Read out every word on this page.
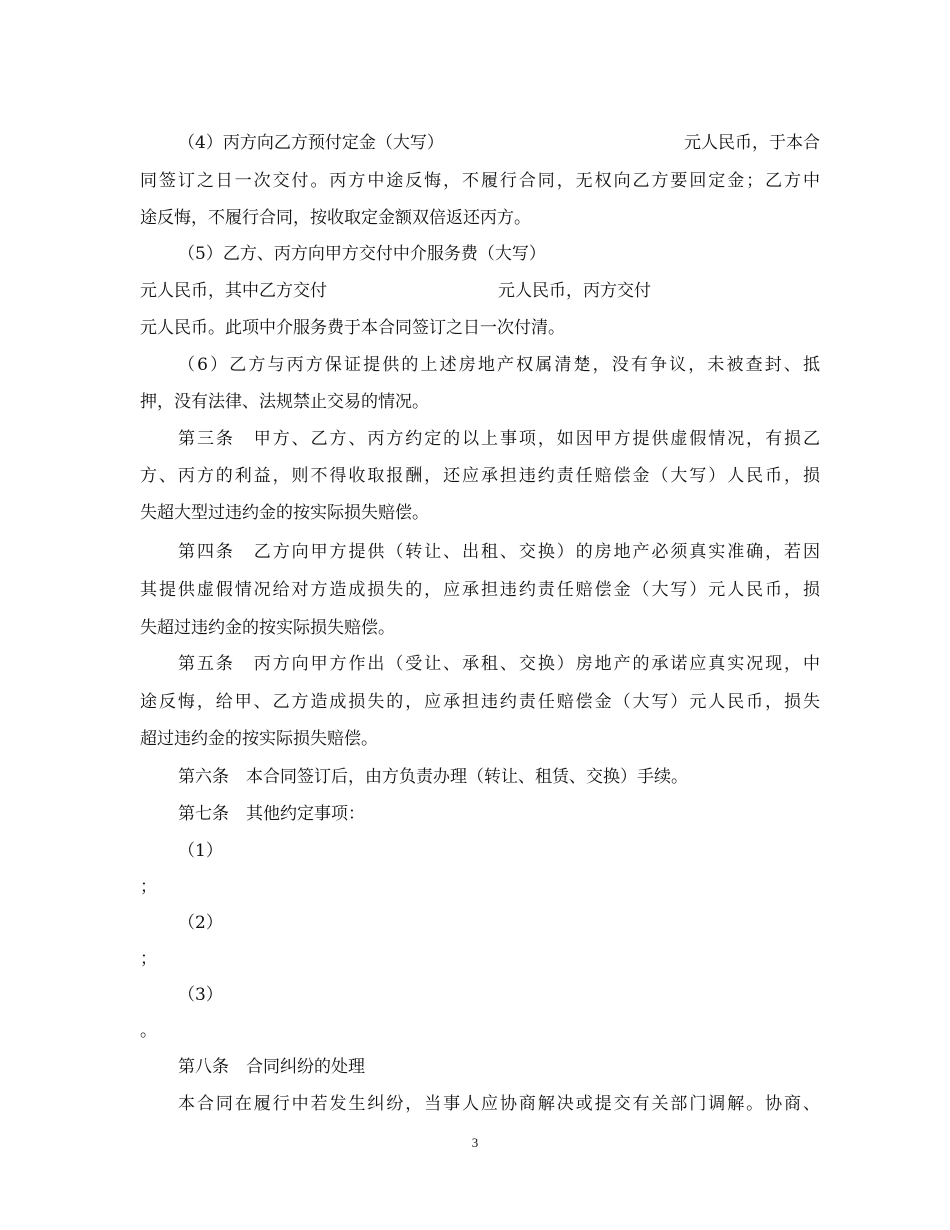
（4）丙方向乙方预付定金（大写）	元人民币，于本合
同签订之日一次交付。丙方中途反悔，不履行合同，无权向乙方要回定金；乙方中
途反悔，不履行合同，按收取定金额双倍返还丙方。
（5）乙方、丙方向甲方交付中介服务费（大写）
元人民币，其中乙方交付	元人民币，丙方交付
元人民币。此项中介服务费于本合同签订之日一次付清。
（6）乙方与丙方保证提供的上述房地产权属清楚，没有争议，未被查封、抵
押，没有法律、法规禁止交易的情况。
第三条　甲方、乙方、丙方约定的以上事项，如因甲方提供虚假情况，有损乙
方、丙方的利益，则不得收取报酬，还应承担违约责任赔偿金（大写）人民币，损
失超大型过违约金的按实际损失赔偿。
第四条　乙方向甲方提供（转让、出租、交换）的房地产必须真实准确，若因
其提供虚假情况给对方造成损失的，应承担违约责任赔偿金（大写）元人民币，损
失超过违约金的按实际损失赔偿。
第五条　丙方向甲方作出（受让、承租、交换）房地产的承诺应真实况现，中
途反悔，给甲、乙方造成损失的，应承担违约责任赔偿金（大写）元人民币，损失
超过违约金的按实际损失赔偿。
第六条　本合同签订后，由方负责办理（转让、租赁、交换）手续。
第七条　其他约定事项：
（1）
；
（2）
；
（3）
。
第八条　合同纠纷的处理
本合同在履行中若发生纠纷，当事人应协商解决或提交有关部门调解。协商、
3
